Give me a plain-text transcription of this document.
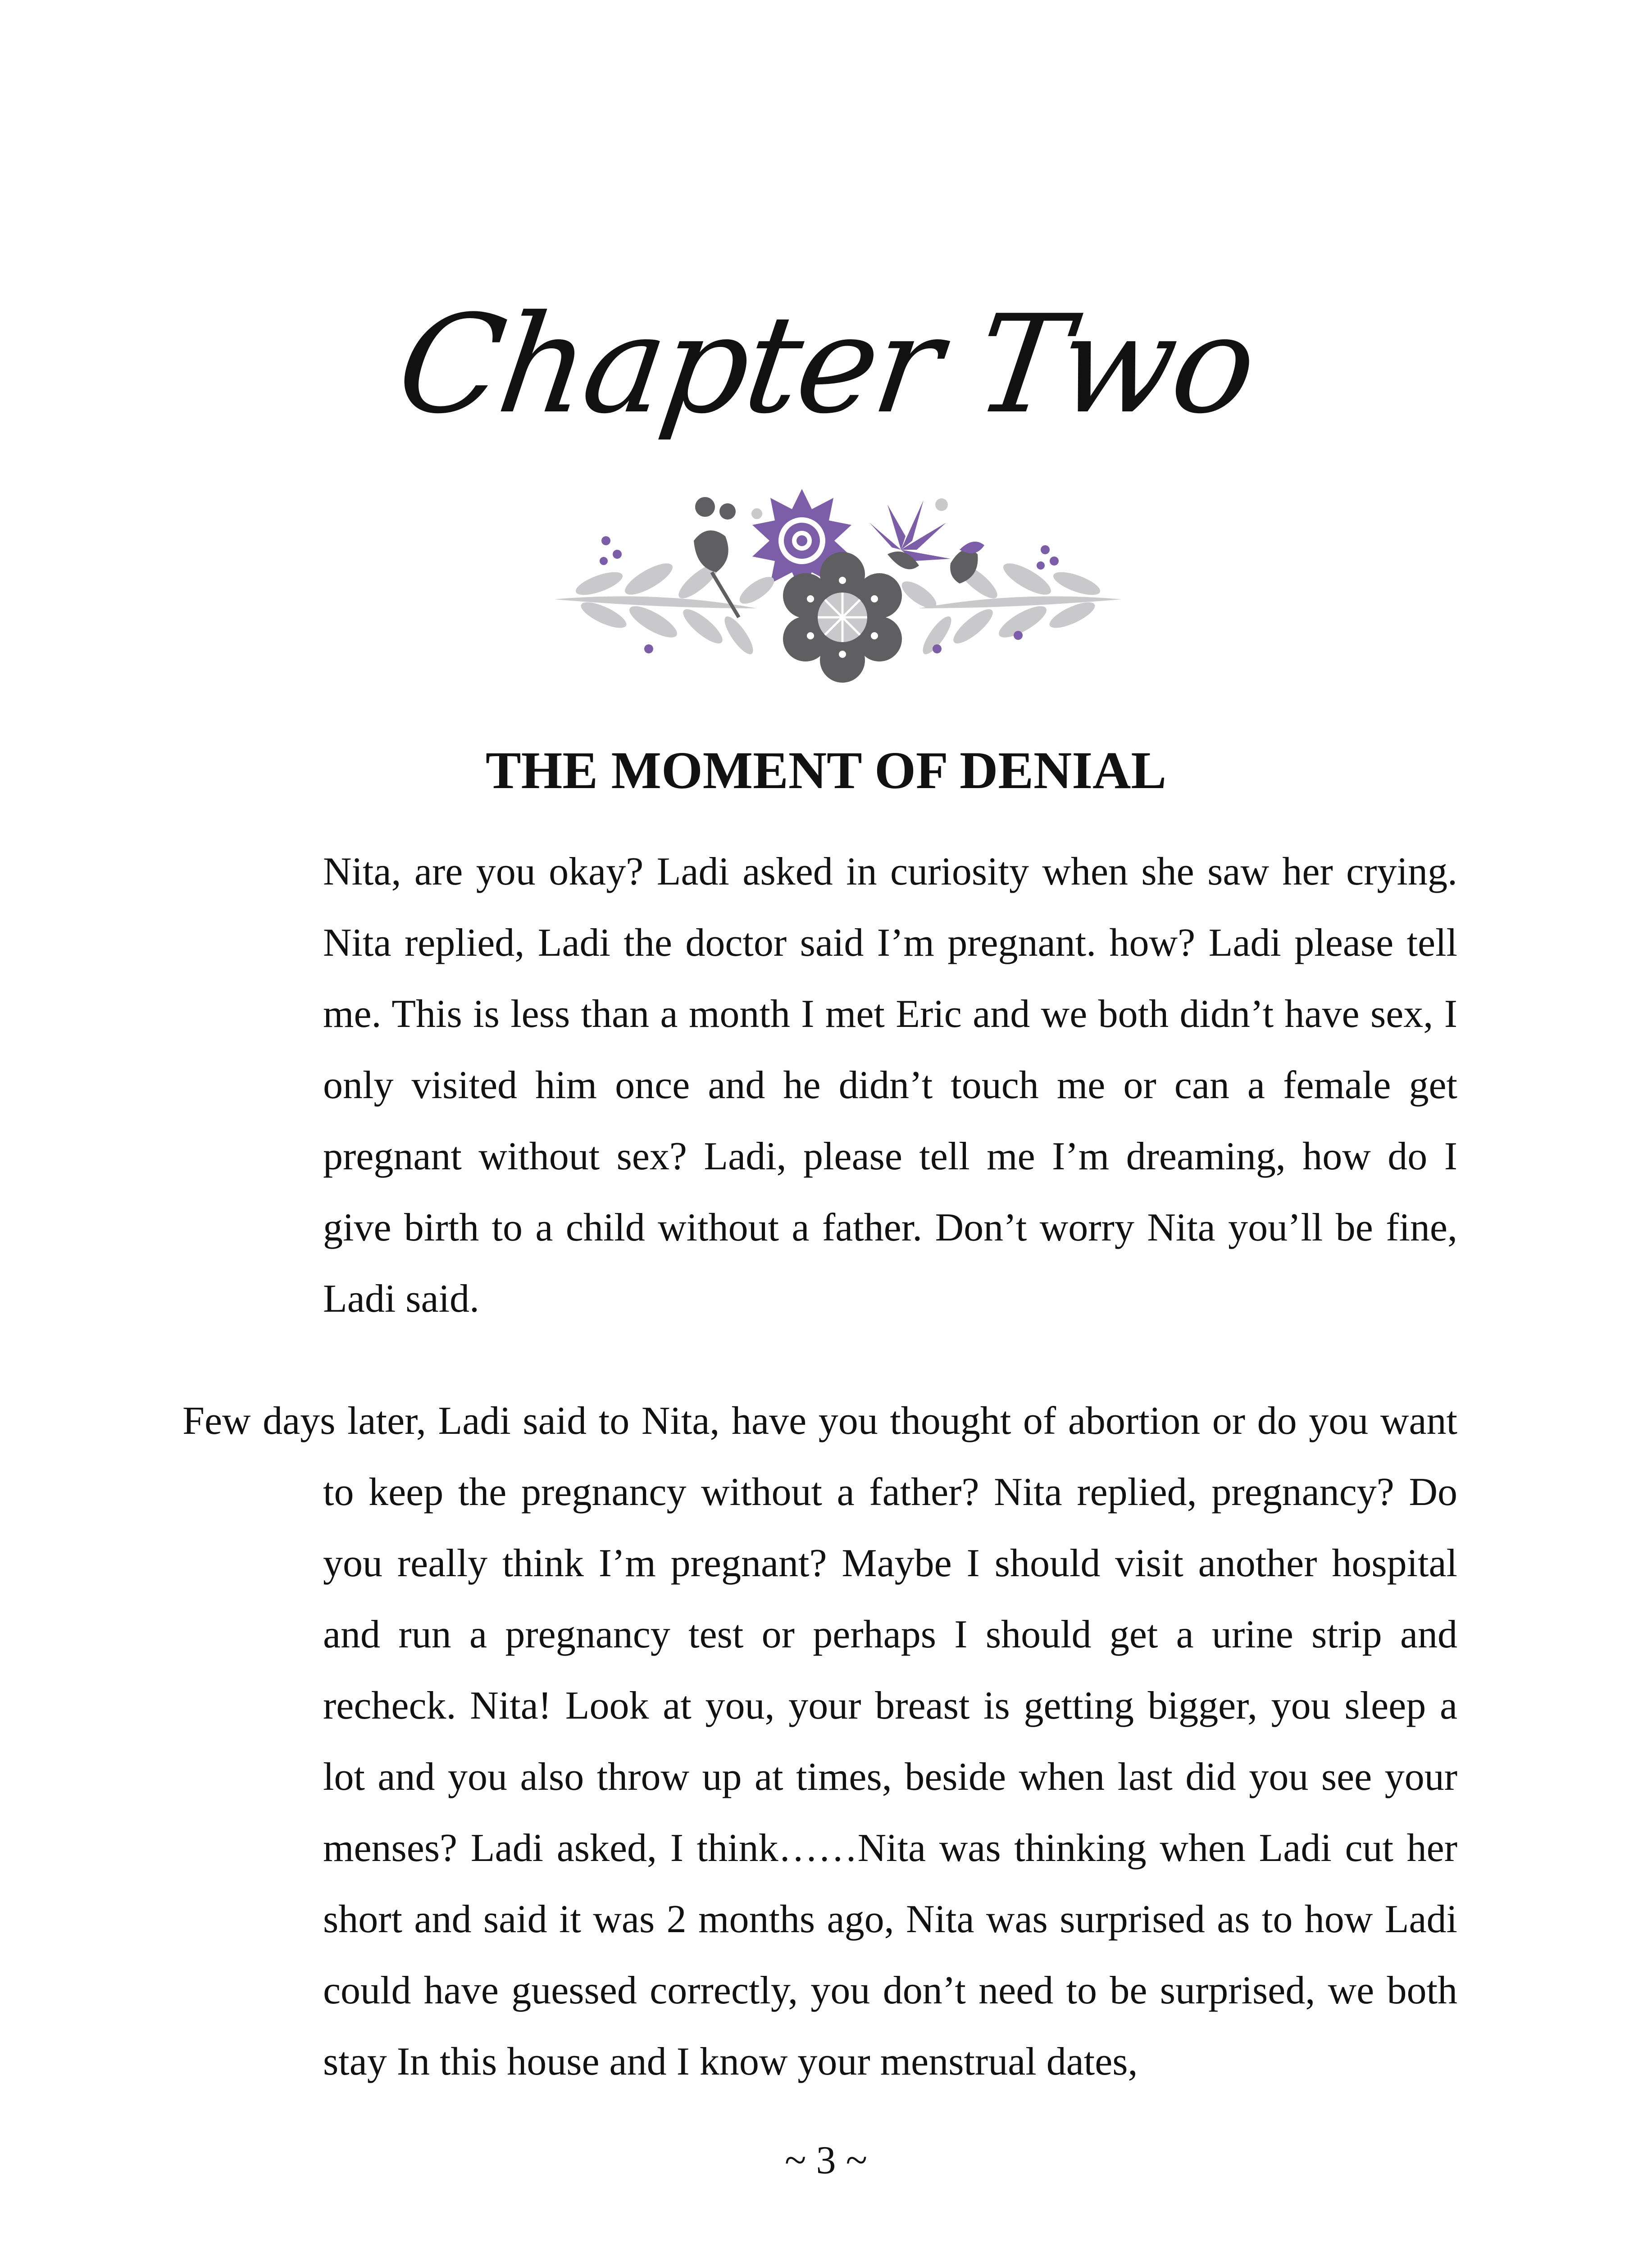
Chapter Two
THE MOMENT OF DENIAL
Nita, are you okay? Ladi asked in curiosity when she saw her crying. Nita replied, Ladi the doctor said I’m pregnant. how? Ladi please tell me. This is less than a month I met Eric and we both didn’t have sex, I only visited him once and he didn’t touch me or can a female get pregnant without sex? Ladi, please tell me I’m dreaming, how do I give birth to a child without a father. Don’t worry Nita you’ll be fine, Ladi said.
Few days later, Ladi said to Nita, have you thought of abortion or do you want to keep the pregnancy without a father? Nita replied, pregnancy? Do you really think I’m pregnant? Maybe I should visit another hospital and run a pregnancy test or perhaps I should get a urine strip and recheck. Nita! Look at you, your breast is getting bigger, you sleep a lot and you also throw up at times, beside when last did you see your menses? Ladi asked, I think……Nita was thinking when Ladi cut her short and said it was 2 months ago, Nita was surprised as to how Ladi could have guessed correctly, you don’t need to be surprised, we both stay In this house and I know your menstrual dates,
~ 3 ~
